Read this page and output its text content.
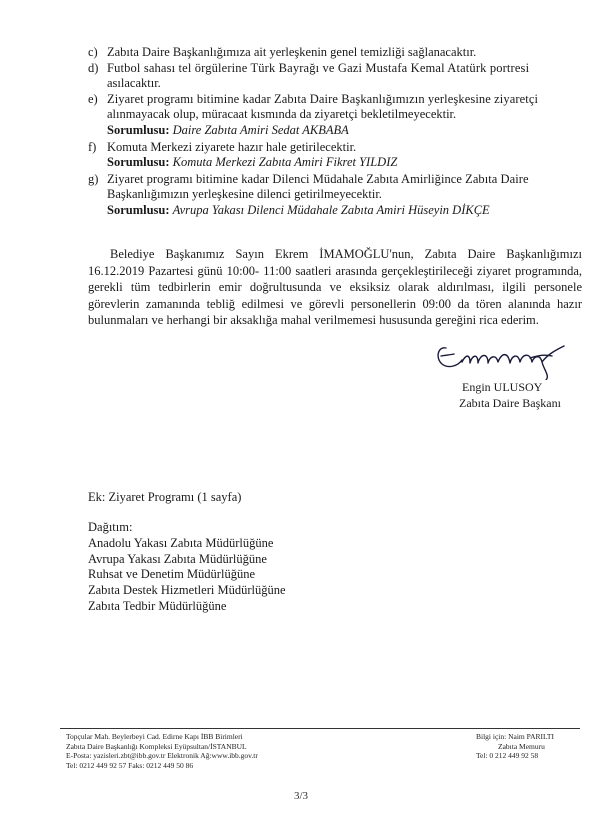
c) Zabıta Daire Başkanlığımıza ait yerleşkenin genel temizliği sağlanacaktır.
d) Futbol sahası tel örgülerine Türk Bayrağı ve Gazi Mustafa Kemal Atatürk portresi
asılacaktır.
e) Ziyaret programı bitimine kadar Zabıta Daire Başkanlığımızın yerleşkesine ziyaretçi
alınmayacak olup, müracaat kısmında da ziyaretçi bekletilmeyecektir.
Sorumlusu: Daire Zabıta Amiri Sedat AKBABA
f) Komuta Merkezi ziyarete hazır hale getirilecektir.
Sorumlusu: Komuta Merkezi Zabıta Amiri Fikret YILDIZ
g) Ziyaret programı bitimine kadar Dilenci Müdahale Zabıta Amirliğince Zabıta Daire
Başkanlığımızın yerleşkesine dilenci getirilmeyecektir.
Sorumlusu: Avrupa Yakası Dilenci Müdahale Zabıta Amiri Hüseyin DİKÇE
Belediye Başkanımız Sayın Ekrem İMAMOĞLU'nun, Zabıta Daire Başkanlığımızı 16.12.2019 Pazartesi günü 10:00- 11:00 saatleri arasında gerçekleştirileceği ziyaret programında, gerekli tüm tedbirlerin emir doğrultusunda ve eksiksiz olarak aldırılması, ilgili personele görevlerin zamanında tebliğ edilmesi ve görevli personellerin 09:00 da tören alanında hazır bulunmaları ve herhangi bir aksaklığa mahal verilmemesi hususunda gereğini rica ederim.
Engin ULUSOY
Zabıta Daire Başkanı
Ek: Ziyaret Programı (1 sayfa)
Dağıtım:
Anadolu Yakası Zabıta Müdürlüğüne
Avrupa Yakası Zabıta Müdürlüğüne
Ruhsat ve Denetim Müdürlüğüne
Zabıta Destek Hizmetleri Müdürlüğüne
Zabıta Tedbir Müdürlüğüne
Topçular Mah. Beylerbeyi Cad. Edirne Kapı İBB Birimleri
Zabıta Daire Başkanlığı Kompleksi Eyüpsultan/İSTANBUL
E-Posta: yazisleri.zbt@ibb.gov.tr Elektronik Ağ:www.ibb.gov.tr
Tel: 0212 449 92 57 Faks: 0212 449 50 86
Bilgi için: Naim PARILTI
Zabıta Memuru
Tel: 0 212 449 92 58
3/3
